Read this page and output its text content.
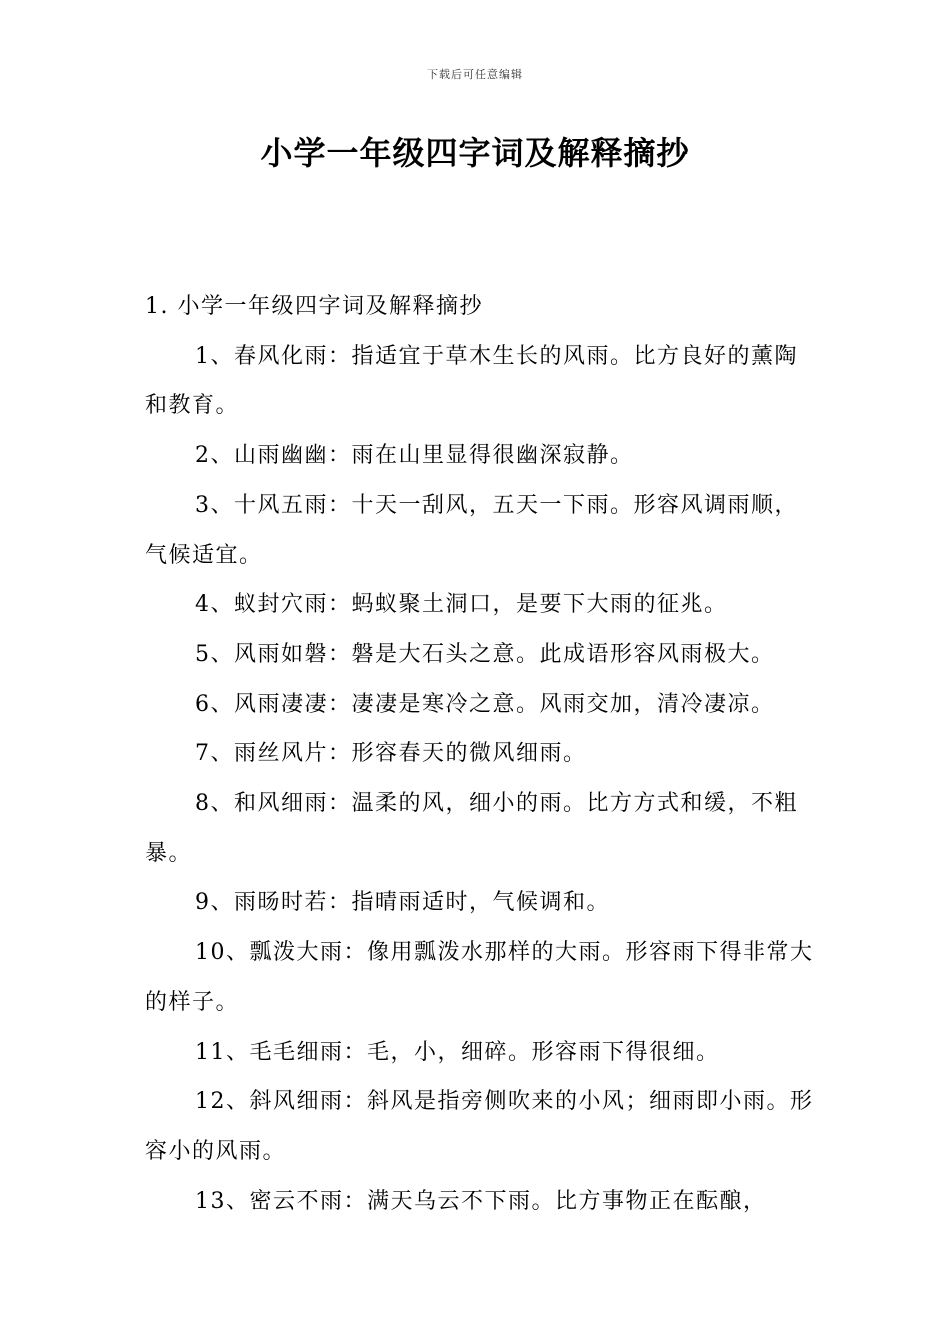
下载后可任意编辑
小学一年级四字词及解释摘抄

1. 小学一年级四字词及解释摘抄

1、春风化雨：指适宜于草木生长的风雨。比方良好的薰陶和教育。

2、山雨幽幽：雨在山里显得很幽深寂静。

3、十风五雨：十天一刮风，五天一下雨。形容风调雨顺，气候适宜。

4、蚁封穴雨：蚂蚁聚土洞口，是要下大雨的征兆。

5、风雨如磐：磐是大石头之意。此成语形容风雨极大。

6、风雨凄凄：凄凄是寒冷之意。风雨交加，清冷凄凉。

7、雨丝风片：形容春天的微风细雨。

8、和风细雨：温柔的风，细小的雨。比方方式和缓，不粗暴。

9、雨旸时若：指晴雨适时，气候调和。

10、瓢泼大雨：像用瓢泼水那样的大雨。形容雨下得非常大的样子。

11、毛毛细雨：毛，小，细碎。形容雨下得很细。

12、斜风细雨：斜风是指旁侧吹来的小风；细雨即小雨。形容小的风雨。

13、密云不雨：满天乌云不下雨。比方事物正在酝酿，
